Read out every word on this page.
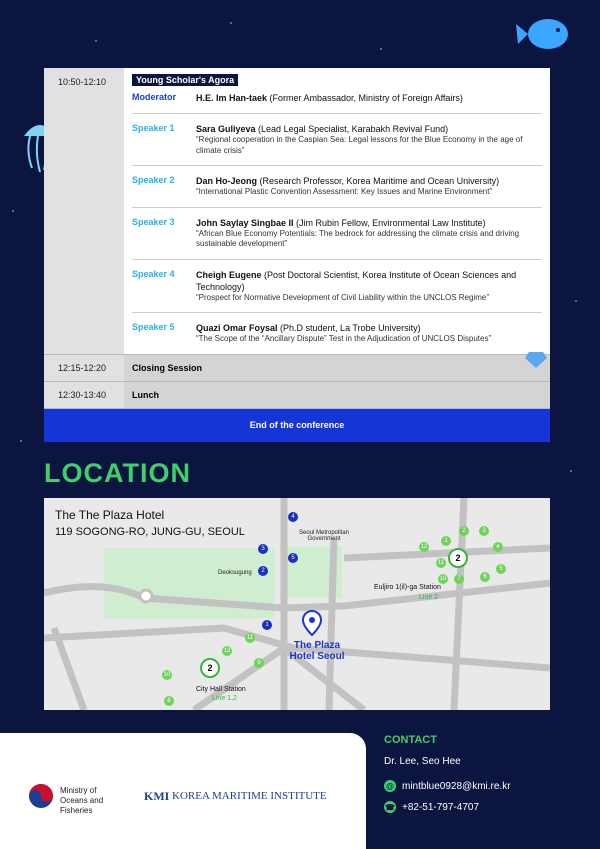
10:50-12:10	Young Scholar's Agora
Moderator	H.E. Im Han-taek (Former Ambassador, Ministry of Foreign Affairs)
Speaker 1	Sara Guliyeva (Lead Legal Specialist, Karabakh Revival Fund)
“Regional cooperation in the Caspian Sea: Legal lessons for the Blue Economy in the age of climate crisis”
Speaker 2	Dan Ho-Jeong (Research Professor, Korea Maritime and Ocean University)
“International Plastic Convention Assessment: Key Issues and Marine Environment”
Speaker 3	John Saylay Singbae II (Jim Rubin Fellow, Environmental Law Institute)
“African Blue Economy Potentials: The bedrock for addressing the climate crisis and driving sustainable development”
Speaker 4	Cheigh Eugene (Post Doctoral Scientist, Korea Institute of Ocean Sciences and Technology)
“Prospect for Normative Development of Civil Liability within the UNCLOS Regime”
Speaker 5	Quazi Omar Foysal (Ph.D student, La Trobe University)
“The Scope of the “Ancillary Dispute” Test in the Adjudication of UNCLOS Disputes”
12:15-12:20	Closing Session
12:30-13:40	Lunch
End of the conference
LOCATION
The The Plaza Hotel
119 SOGONG-RO, JUNG-GU, SEOUL
Deoksugung
Seoul Metropolitan Government
Euljiro 1(il)-ga Station
Line 2
City Hall Station
Line 1,2
2
2
4
3
5
2
1
2	3
1
4
12
5
11
6
10	7
11
12
9
10
8
The Plaza Hotel Seoul
Ministry of Oceans and Fisheries
KMI KOREA MARITIME INSTITUTE
CONTACT
Dr. Lee, Seo Hee
@ mintblue0928@kmi.re.kr
☎ +82-51-797-4707
